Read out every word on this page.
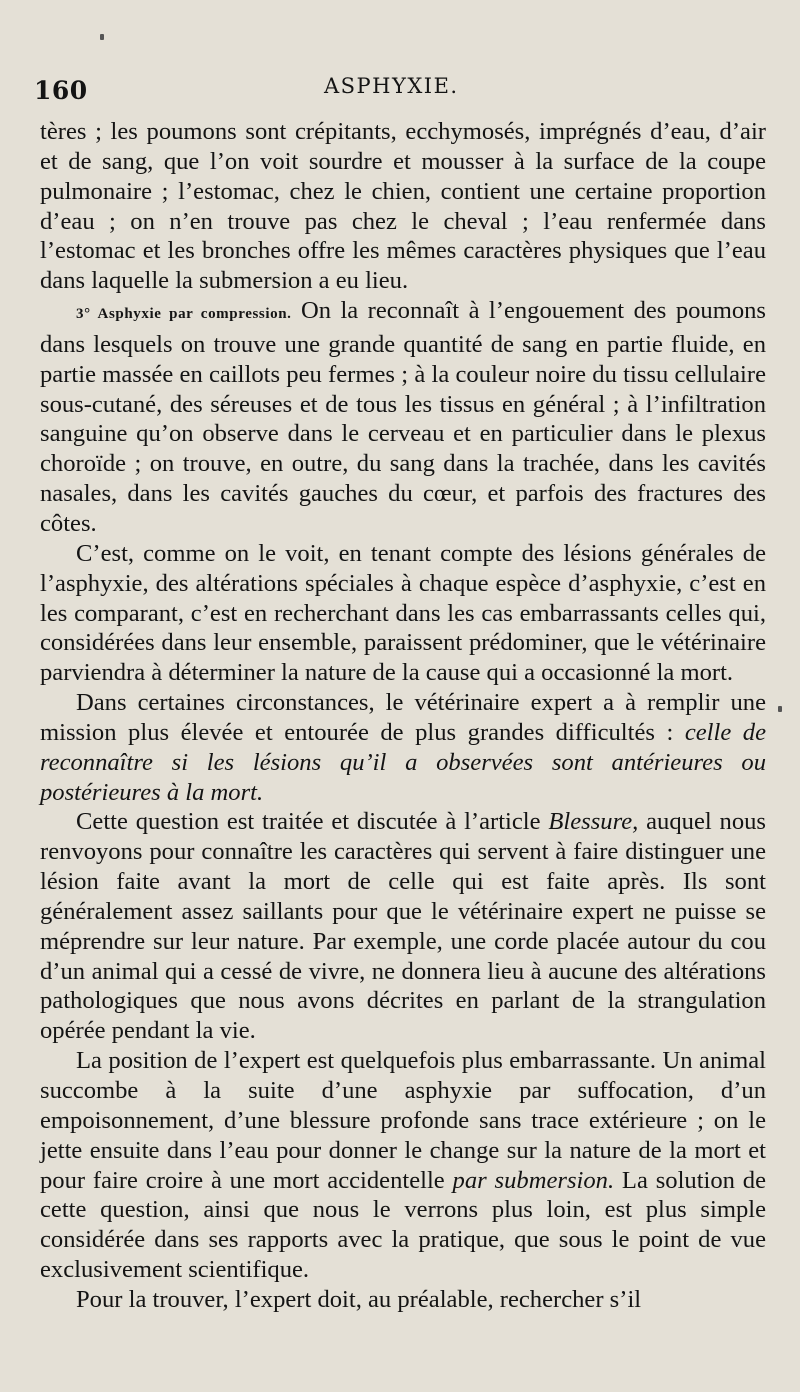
160	ASPHYXIE.

tères ; les poumons sont crépitants, ecchymosés, imprégnés d’eau, d’air et de sang, que l’on voit sourdre et mousser à la surface de la coupe pulmonaire ; l’estomac, chez le chien, contient une certaine proportion d’eau ; on n’en trouve pas chez le cheval ; l’eau renfermée dans l’estomac et les bronches offre les mêmes caractères physiques que l’eau dans laquelle la submersion a eu lieu.

3° Asphyxie par compression. On la reconnaît à l’engouement des poumons dans lesquels on trouve une grande quantité de sang en partie fluide, en partie massée en caillots peu fermes ; à la couleur noire du tissu cellulaire sous-cutané, des séreuses et de tous les tissus en général ; à l’infiltration sanguine qu’on observe dans le cerveau et en particulier dans le plexus choroïde ; on trouve, en outre, du sang dans la trachée, dans les cavités nasales, dans les cavités gauches du cœur, et parfois des fractures des côtes.

C’est, comme on le voit, en tenant compte des lésions générales de l’asphyxie, des altérations spéciales à chaque espèce d’asphyxie, c’est en les comparant, c’est en recherchant dans les cas embarrassants celles qui, considérées dans leur ensemble, paraissent prédominer, que le vétérinaire parviendra à déterminer la nature de la cause qui a occasionné la mort.

Dans certaines circonstances, le vétérinaire expert a à remplir une mission plus élevée et entourée de plus grandes difficultés : celle de reconnaître si les lésions qu’il a observées sont antérieures ou postérieures à la mort.

Cette question est traitée et discutée à l’article Blessure, auquel nous renvoyons pour connaître les caractères qui servent à faire distinguer une lésion faite avant la mort de celle qui est faite après. Ils sont généralement assez saillants pour que le vétérinaire expert ne puisse se méprendre sur leur nature. Par exemple, une corde placée autour du cou d’un animal qui a cessé de vivre, ne donnera lieu à aucune des altérations pathologiques que nous avons décrites en parlant de la strangulation opérée pendant la vie.

La position de l’expert est quelquefois plus embarrassante. Un animal succombe à la suite d’une asphyxie par suffocation, d’un empoisonnement, d’une blessure profonde sans trace extérieure ; on le jette ensuite dans l’eau pour donner le change sur la nature de la mort et pour faire croire à une mort accidentelle par submersion. La solution de cette question, ainsi que nous le verrons plus loin, est plus simple considérée dans ses rapports avec la pratique, que sous le point de vue exclusivement scientifique.

Pour la trouver, l’expert doit, au préalable, rechercher s’il
